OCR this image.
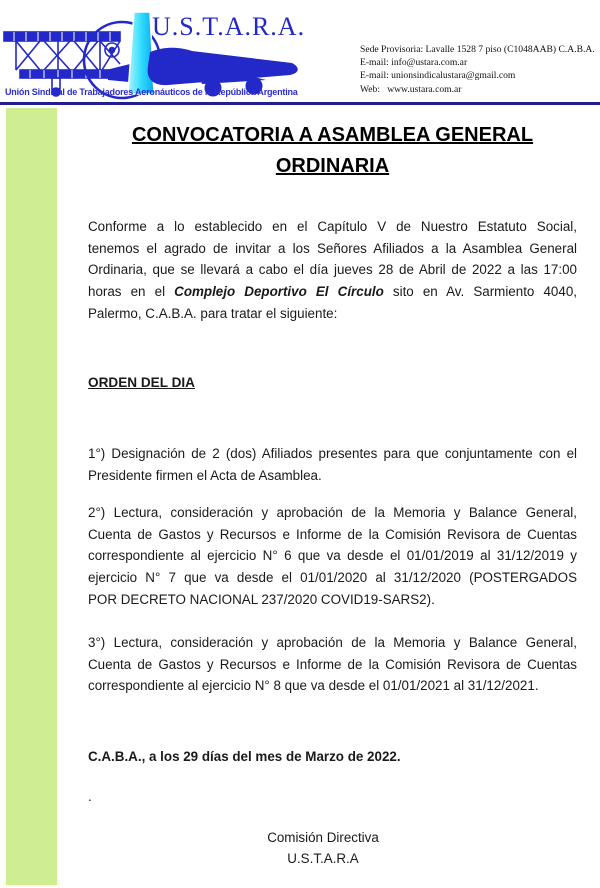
U.S.T.A.R.A.
Unión Sindical de Trabajadores Aeronáuticos de la República Argentina
Sede Provisoria: Lavalle 1528 7 piso (C1048AAB) C.A.B.A.
E-mail: info@ustara.com.ar
E-mail: unionsindicalustara@gmail.com
Web:   www.ustara.com.ar
CONVOCATORIA A ASAMBLEA GENERAL
ORDINARIA
Conforme a lo establecido en el Capítulo V de Nuestro Estatuto Social,
tenemos el agrado de invitar a los Señores Afiliados a la Asamblea General
Ordinaria, que se llevará a cabo el día jueves 28 de Abril de 2022 a las 17:00
horas en el Complejo Deportivo El Círculo sito en Av. Sarmiento 4040,
Palermo, C.A.B.A. para tratar el siguiente:
ORDEN DEL DIA
1°) Designación de 2 (dos) Afiliados presentes para que conjuntamente con el
Presidente firmen el Acta de Asamblea.
2°) Lectura, consideración y aprobación de la Memoria y Balance General,
Cuenta de Gastos y Recursos e Informe de la Comisión Revisora de Cuentas
correspondiente al ejercicio N° 6 que va desde el 01/01/2019 al 31/12/2019 y
ejercicio N° 7 que va desde el 01/01/2020 al 31/12/2020 (POSTERGADOS
POR DECRETO NACIONAL 237/2020 COVID19-SARS2).
3°) Lectura, consideración y aprobación de la Memoria y Balance General,
Cuenta de Gastos y Recursos e Informe de la Comisión Revisora de Cuentas
correspondiente al ejercicio N° 8 que va desde el 01/01/2021 al 31/12/2021.
C.A.B.A., a los 29 días del mes de Marzo de 2022.
.
Comisión Directiva
U.S.T.A.R.A
